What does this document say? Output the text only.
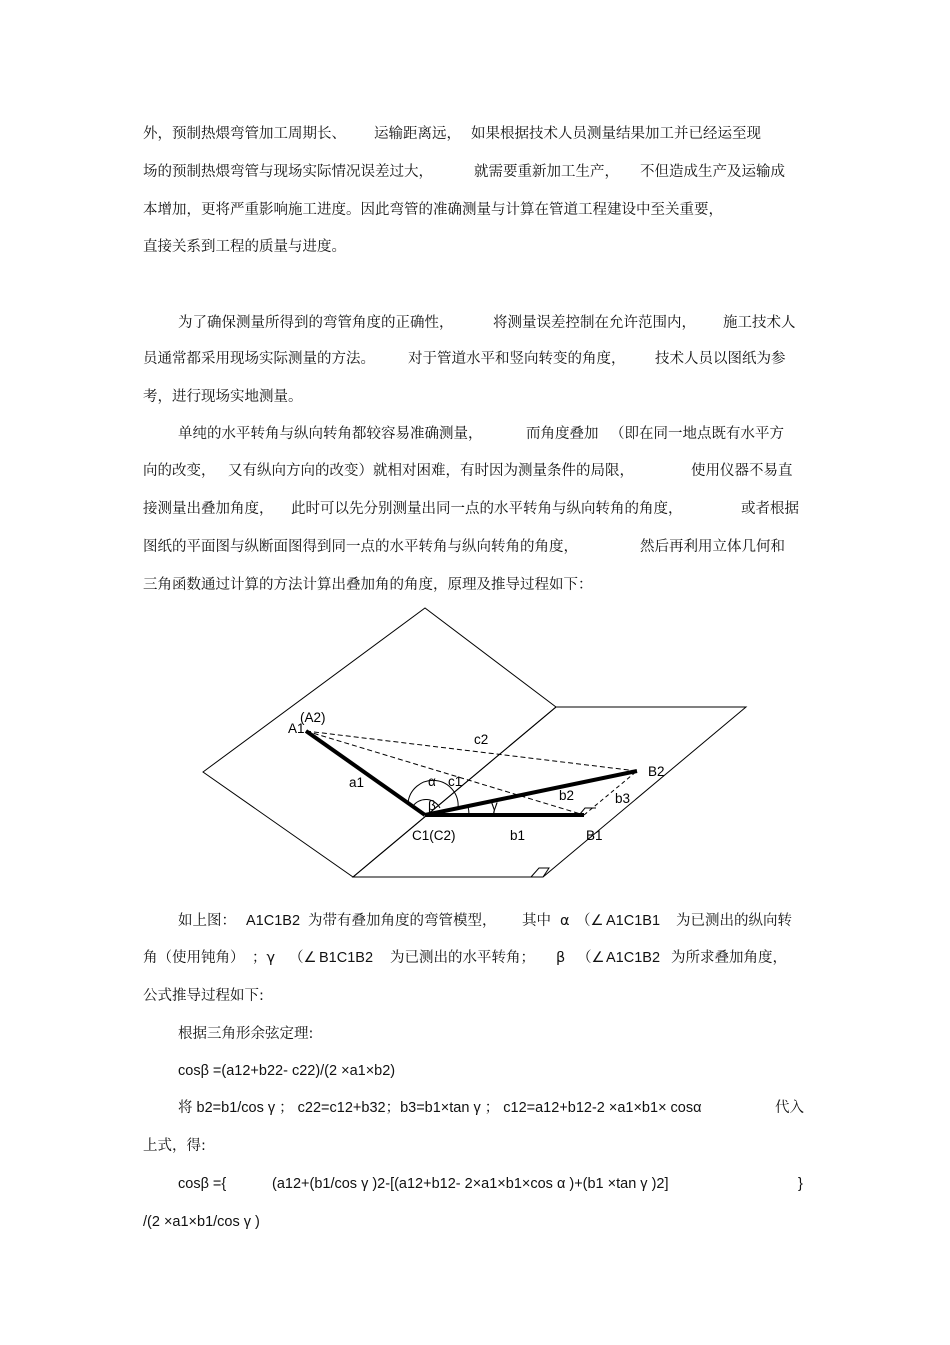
外，预制热煨弯管加工周期长、 运输距离远， 如果根据技术人员测量结果加工并已经运至现
场的预制热煨弯管与现场实际情况误差过大，	就需要重新加工生产， 不但造成生产及运输成
本增加，更将严重影响施工进度。因此弯管的准确测量与计算在管道工程建设中至关重要，
直接关系到工程的质量与进度。
为了确保测量所得到的弯管角度的正确性，	将测量误差控制在允许范围内， 施工技术人
员通常都采用现场实际测量的方法。 对于管道水平和竖向转变的角度， 技术人员以图纸为参
考，进行现场实地测量。
单纯的水平转角与纵向转角都较容易准确测量，	而角度叠加 （即在同一地点既有水平方
向的改变， 又有纵向方向的改变）就相对困难，有时因为测量条件的局限，	使用仪器不易直
接测量出叠加角度， 此时可以先分别测量出同一点的水平转角与纵向转角的角度，	或者根据
图纸的平面图与纵断面图得到同一点的水平转角与纵向转角的角度，	然后再利用立体几何和
三角函数通过计算的方法计算出叠加角的角度，原理及推导过程如下：
A1
(A2)
c2
a1	α c1
B2
b2	b3
β	γ
C1(C2)	b1	B1
如上图： A1C1B2 为带有叠加角度的弯管模型， 其中 α （∠ A1C1B1 为已测出的纵向转
角（使用钝角） ；γ （∠ B1C1B2 为已测出的水平转角； β （∠ A1C1B2 为所求叠加角度，
公式推导过程如下:
根据三角形余弦定理:
cosβ =(a12+b22- c22)/(2 ×a1×b2)
将 b2=b1/cos γ ； c22=c12+b32；b3=b1×tan γ ； c12=a12+b12-2 ×a1×b1× cosα	代入
上式，得:
cosβ ={	(a12+(b1/cos γ )2-[(a12+b12- 2×a1×b1×cos α )+(b1 ×tan γ )2]	}
/(2 ×a1×b1/cos γ )
